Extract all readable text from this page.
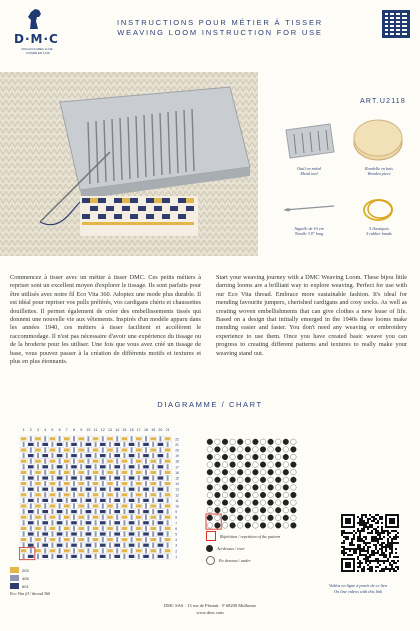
D·M·C
DOLLFUS-MIEG & CIE · FONDÉ EN 1746
INSTRUCTIONS POUR MÉTIER À TISSER
WEAVING LOOM INSTRUCTION FOR USE
ART.U2118
Outil en métal
Metal tool
Rondelle en bois
Wooden piece
Aiguille de 10 cm
Needle 3.9" long
5 élastiques
5 rubber bands
Commencez à tisser avec un métier à tisser DMC. Ces petits métiers à repriser sont un excellent moyen d'explorer le tissage. Ils sont parfaits pour être utilisés avec notre fil Eco Vita 360. Adoptez une mode plus durable. Il est idéal pour repriser vos pulls préférés, vos cardigans chéris et chaussettes douillettes. Il permet également de créer des embellissements tissés qui donnent une nouvelle vie aux vêtements. Inspirés d'un modèle apparu dans les années 1940, ces métiers à tisser facilitent et accélèrent le raccommodage. Il n'est pas nécessaire d'avoir une expérience du tissage ou de la broderie pour les utiliser. Une fois que vous avez créé un tissage de base, vous pouvez passer à la création de différents motifs et textures et plus en plus étonnants.
Start your weaving journey with a DMC Weaving Loom. These bijou little darning looms are a brilliant way to explore weaving. Perfect for use with our Eco Vita thread. Embrace more sustainable fashion. It's ideal for mending favourite jumpers, cherished cardigans and cosy socks. As well as creating woven embellishments that can give clothes a new lease of life. Based on a design that initially emerged in the 1940s these looms make mending easier and faster. You don't need any weaving or embroidery experience to use them. Once you have created basic weave you can progress to creating different patterns and textures to really make your weaving stand out.
DIAGRAMME / CHART
1 2 3 4 5 6 7 8 9 10 11 12 13 14 15 16 17 18 19 20 21
22
21
20
19
18
17
16
15
14
13
12
11
10
9
8
7
6
5
4
3
2
1
203
405
601
Eco Vita fil / thread 360
Répétition / repetition of the pattern
Au-dessus / over
En dessous / under
Vidéos en ligne à partir de ce lien
On line videos with this link
DMC SAS · 13 rue de Pfastatt · F 68200 Mulhouse
www.dmc.com
